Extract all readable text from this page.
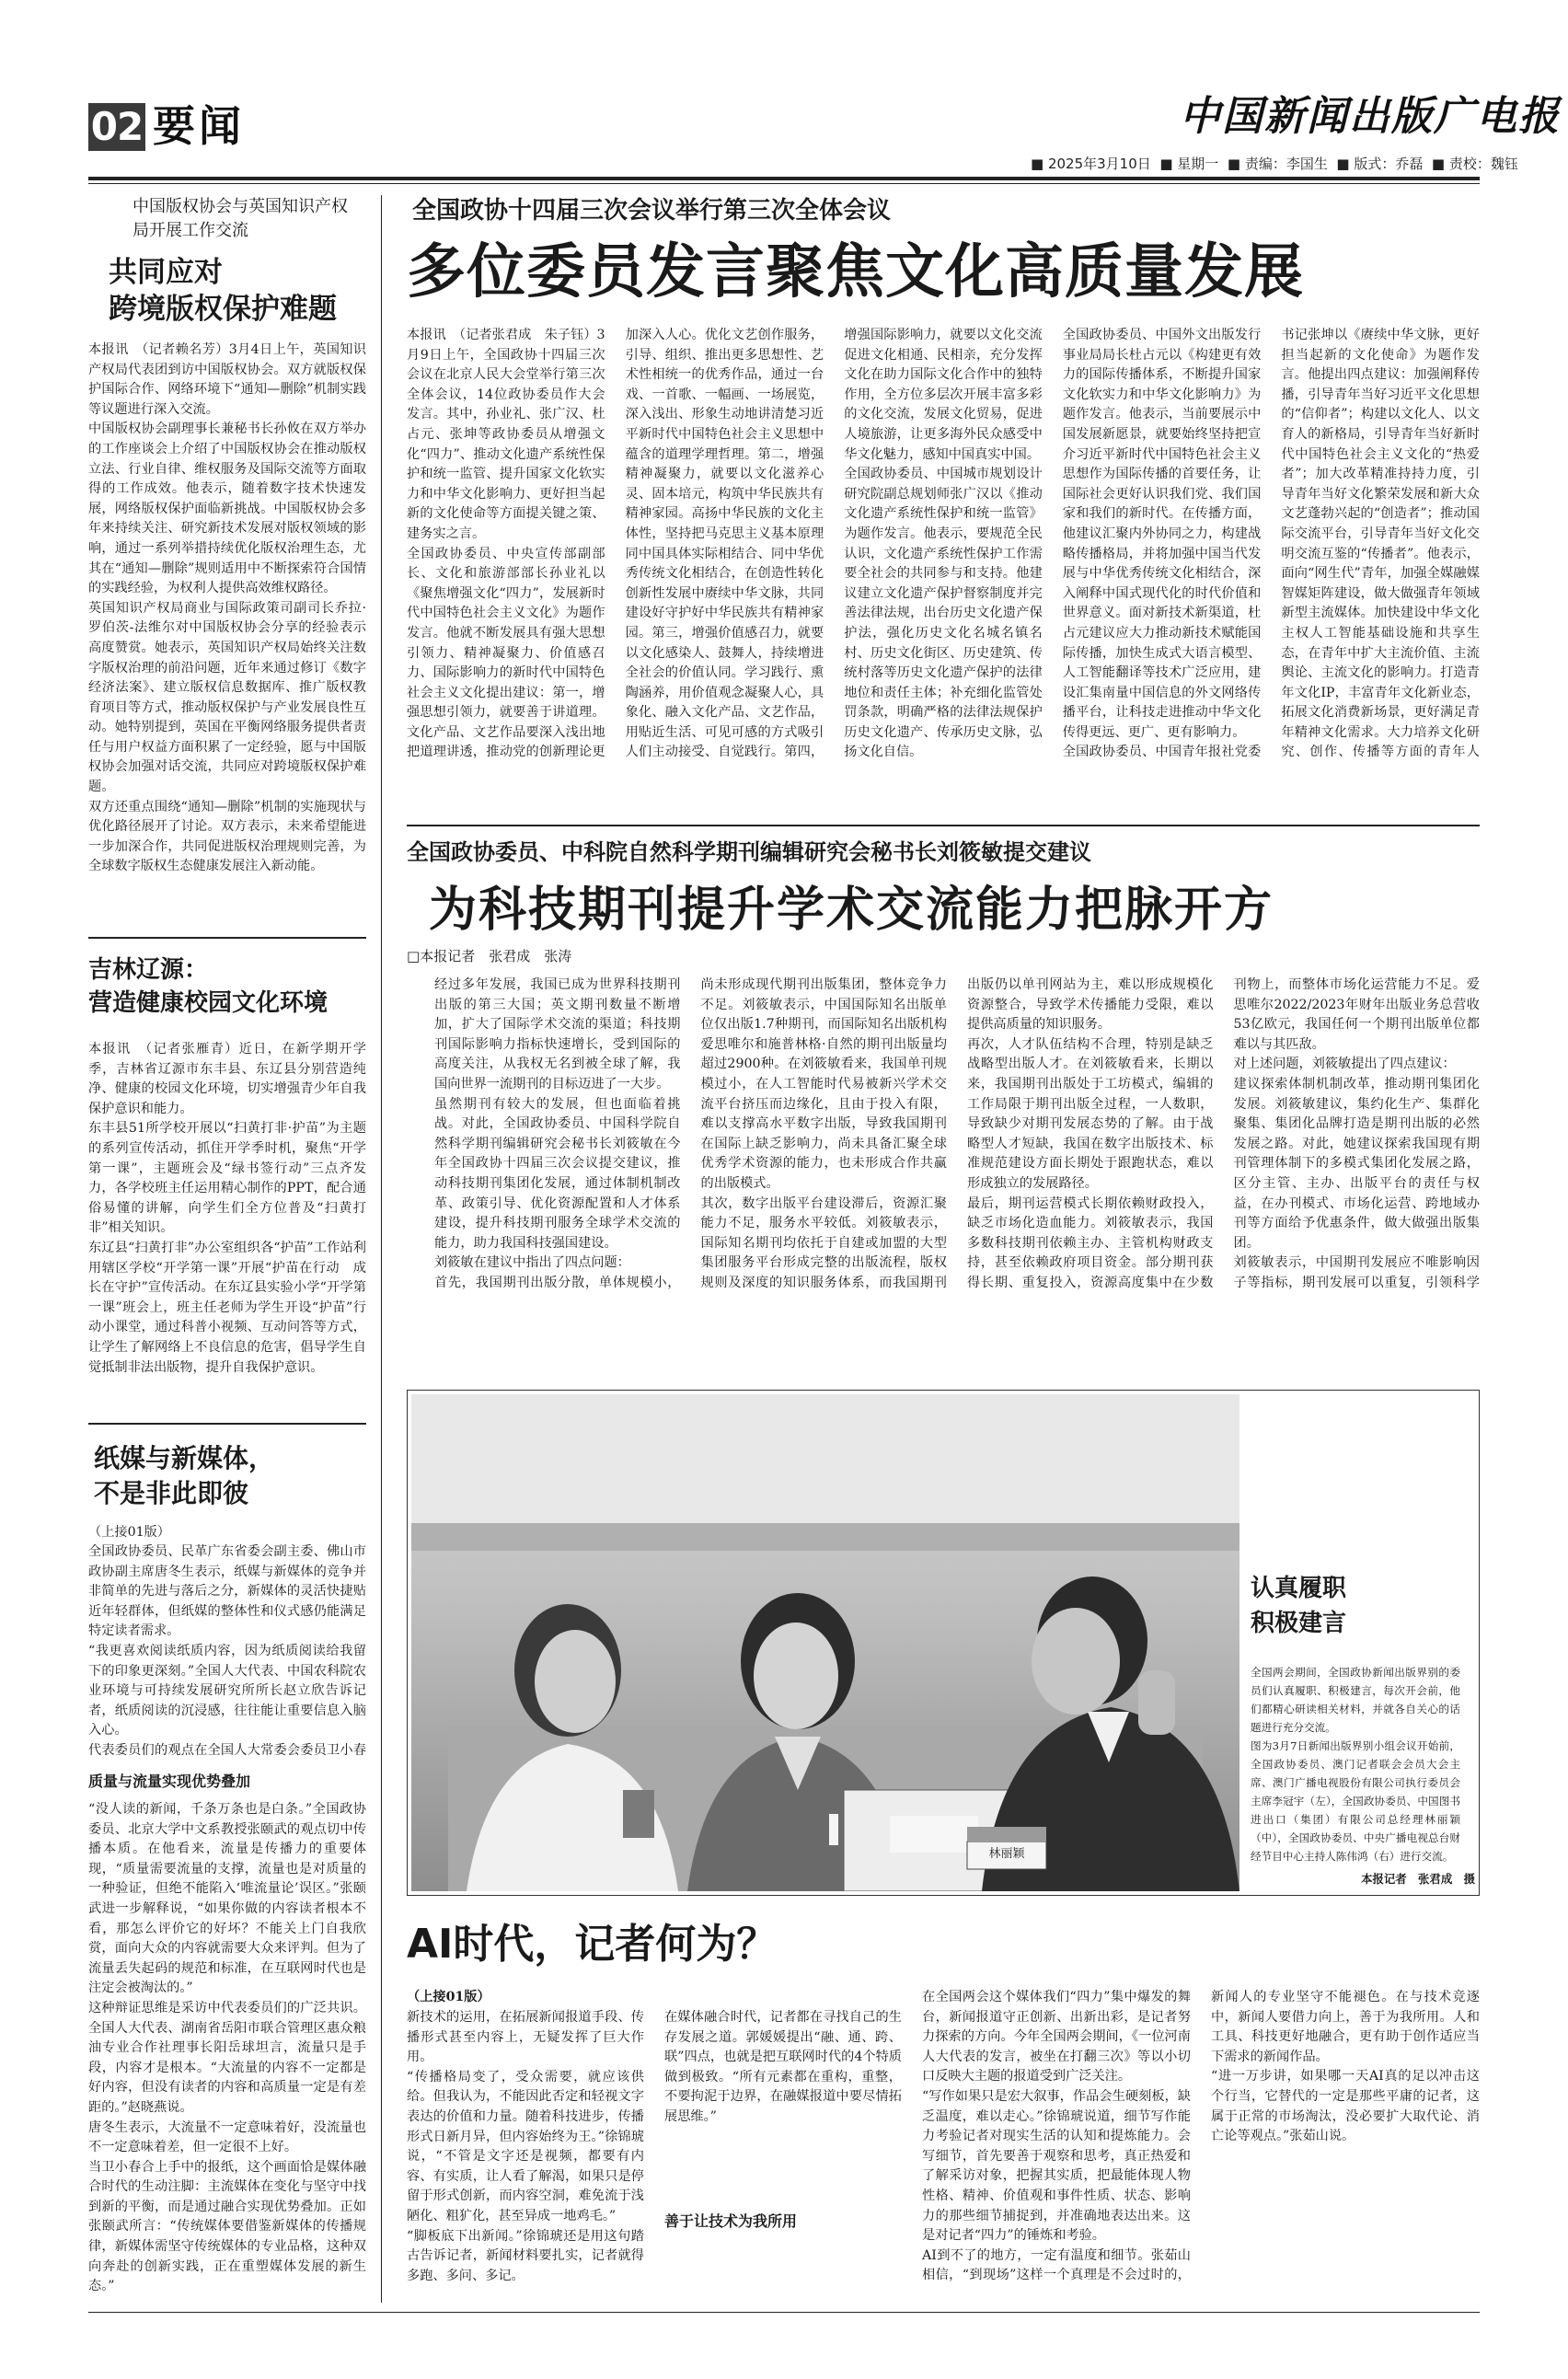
02 要闻	中国新闻出版广电报
■ 2025年3月10日 ■ 星期一 ■ 责编：李国生 ■ 版式：乔磊 ■ 责校：魏钰
中国版权协会与英国知识产权局开展工作交流
共同应对
跨境版权保护难题
本报讯　（记者赖名芳）3月4日上午，英国知识产权局代表团到访中国版权协会。双方就版权保护国际合作、网络环境下“通知—删除”机制实践等议题进行深入交流。
中国版权协会副理事长兼秘书长孙攸在双方举办的工作座谈会上介绍了中国版权协会在推动版权立法、行业自律、维权服务及国际交流等方面取得的工作成效。他表示，随着数字技术快速发展，网络版权保护面临新挑战。中国版权协会多年来持续关注、研究新技术发展对版权领域的影响，通过一系列举措持续优化版权治理生态，尤其在“通知—删除”规则适用中不断探索符合国情的实践经验，为权利人提供高效维权路径。
英国知识产权局商业与国际政策司副司长乔拉·罗伯茨-法维尔对中国版权协会分享的经验表示高度赞赏。她表示，英国知识产权局始终关注数字版权治理的前沿问题，近年来通过修订《数字经济法案》、建立版权信息数据库、推广版权教育项目等方式，推动版权保护与产业发展良性互动。她特别提到，英国在平衡网络服务提供者责任与用户权益方面积累了一定经验，愿与中国版权协会加强对话交流，共同应对跨境版权保护难题。
双方还重点围绕“通知—删除”机制的实施现状与优化路径展开了讨论。双方表示，未来希望能进一步加深合作，共同促进版权治理规则完善，为全球数字版权生态健康发展注入新动能。
吉林辽源：
营造健康校园文化环境
本报讯　（记者张雁青）近日，在新学期开学季，吉林省辽源市东丰县、东辽县分别营造纯净、健康的校园文化环境，切实增强青少年自我保护意识和能力。
东丰县51所学校开展以“扫黄打非·护苗”为主题的系列宣传活动，抓住开学季时机，聚焦“开学第一课”，主题班会及“绿书签行动”三点齐发力，各学校班主任运用精心制作的PPT，配合通俗易懂的讲解，向学生们全方位普及“扫黄打非”相关知识。
东辽县“扫黄打非”办公室组织各“护苗”工作站利用辖区学校“开学第一课”开展“护苗在行动　成长在守护”宣传活动。在东辽县实验小学“开学第一课”班会上，班主任老师为学生开设“护苗”行动小课堂，通过科普小视频、互动问答等方式，让学生了解网络上不良信息的危害，倡导学生自觉抵制非法出版物，提升自我保护意识。
纸媒与新媒体，
不是非此即彼
（上接01版）
全国政协委员、民革广东省委会副主委、佛山市政协副主席唐冬生表示，纸媒与新媒体的竞争并非简单的先进与落后之分，新媒体的灵活快捷贴近年轻群体，但纸媒的整体性和仪式感仍能满足特定读者需求。
“我更喜欢阅读纸质内容，因为纸质阅读给我留下的印象更深刻。”全国人大代表、中国农科院农业环境与可持续发展研究所所长赵立欣告诉记者，纸质阅读的沉浸感，往往能让重要信息入脑入心。
代表委员们的观点在全国人大常委会委员卫小春
质量与流量实现优势叠加
“没人读的新闻，千条万条也是白条。”全国政协委员、北京大学中文系教授张颐武的观点切中传播本质。在他看来，流量是传播力的重要体现，“质量需要流量的支撑，流量也是对质量的一种验证，但绝不能陷入‘唯流量论’误区。”张颐武进一步解释说，“如果你做的内容读者根本不看，那怎么评价它的好坏？不能关上门自我欣赏，面向大众的内容就需要大众来评判。但为了流量丢失起码的规范和标准，在互联网时代也是注定会被淘汰的。”
这种辩证思维是采访中代表委员们的广泛共识。全国人大代表、湖南省岳阳市联合管理区惠众粮油专业合作社理事长阳岳球坦言，流量只是手段，内容才是根本。“大流量的内容不一定都是好内容，但没有读者的内容和高质量一定是有差距的。”赵晓燕说。
唐冬生表示，大流量不一定意味着好，没流量也不一定意味着差，但一定很不上好。
当卫小春合上手中的报纸，这个画面恰是媒体融合时代的生动注脚：主流媒体在变化与坚守中找到新的平衡，而是通过融合实现优势叠加。正如张颐武所言：“传统媒体要借鉴新媒体的传播规律，新媒体需坚守传统媒体的专业品格，这种双向奔赴的创新实践，正在重塑媒体发展的新生态。”
全国政协十四届三次会议举行第三次全体会议
多位委员发言聚焦文化高质量发展
本报讯　（记者张君成　朱子钰）3月9日上午，全国政协十四届三次会议在北京人民大会堂举行第三次全体会议，14位政协委员作大会发言。其中，孙业礼、张广汉、杜占元、张坤等政协委员从增强文化“四力”、推动文化遗产系统性保护和统一监管、提升国家文化软实力和中华文化影响力、更好担当起新的文化使命等方面提关键之策、建务实之言。
全国政协委员、中央宣传部副部长、文化和旅游部部长孙业礼以《聚焦增强文化“四力”，发展新时代中国特色社会主义文化》为题作发言。他就不断发展具有强大思想引领力、精神凝聚力、价值感召力、国际影响力的新时代中国特色社会主义文化提出建议：第一，增强思想引领力，就要善于讲道理。文化产品、文艺作品要深入浅出地把道理讲透，推动党的创新理论更加深入人心。优化文艺创作服务，引导、组织、推出更多思想性、艺术性相统一的优秀作品，通过一台戏、一首歌、一幅画、一场展览，深入浅出、形象生动地讲清楚习近平新时代中国特色社会主义思想中蕴含的道理学理哲理。第二，增强精神凝聚力，就要以文化滋养心灵、固本培元，构筑中华民族共有精神家园。高扬中华民族的文化主体性，坚持把马克思主义基本原理同中国具体实际相结合、同中华优秀传统文化相结合，在创造性转化创新性发展中赓续中华文脉，共同建设好守护好中华民族共有精神家园。第三，增强价值感召力，就要以文化感染人、鼓舞人，持续增进全社会的价值认同。学习践行、熏陶涵养，用价值观念凝聚人心，具象化、融入文化产品、文艺作品，用贴近生活、可见可感的方式吸引人们主动接受、自觉践行。第四，增强国际影响力，就要以文化交流促进文化相通、民相亲，充分发挥文化在助力国际文化合作中的独特作用，全方位多层次开展丰富多彩的文化交流，发展文化贸易，促进人境旅游，让更多海外民众感受中华文化魅力，感知中国真实中国。
全国政协委员、中国城市规划设计研究院副总规划师张广汉以《推动文化遗产系统性保护和统一监管》为题作发言。他表示，要规范全民认识，文化遗产系统性保护工作需要全社会的共同参与和支持。他建议建立文化遗产保护督察制度并完善法律法规，出台历史文化遗产保护法，强化历史文化名城名镇名村、历史文化街区、历史建筑、传统村落等历史文化遗产保护的法律地位和责任主体；补充细化监管处罚条款，明确严格的法律法规保护历史文化遗产、传承历史文脉，弘扬文化自信。
全国政协委员、中国外文出版发行事业局局长杜占元以《构建更有效力的国际传播体系，不断提升国家文化软实力和中华文化影响力》为题作发言。他表示，当前要展示中国发展新愿景，就要始终坚持把宣介习近平新时代中国特色社会主义思想作为国际传播的首要任务，让国际社会更好认识我们党、我们国家和我们的新时代。在传播方面，他建议汇聚内外协同之力，构建战略传播格局，并将加强中国当代发展与中华优秀传统文化相结合，深入阐释中国式现代化的时代价值和世界意义。面对新技术新渠道，杜占元建议应大力推动新技术赋能国际传播，加快生成式大语言模型、人工智能翻译等技术广泛应用，建设汇集南量中国信息的外文网络传播平台，让科技走进推动中华文化传得更远、更广、更有影响力。
全国政协委员、中国青年报社党委书记张坤以《赓续中华文脉，更好担当起新的文化使命》为题作发言。他提出四点建议：加强阐释传播，引导青年当好习近平文化思想的“信仰者”；构建以文化人、以文育人的新格局，引导青年当好新时代中国特色社会主义文化的“热爱者”；加大改革精准持持力度，引导青年当好文化繁荣发展和新大众文艺蓬勃兴起的“创造者”；推动国际交流平台，引导青年当好文化交明交流互鉴的“传播者”。他表示，面向“网生代”青年，加强全媒融媒智媒矩阵建设，做大做强青年领域新型主流媒体。加快建设中华文化主权人工智能基础设施和共享生态，在青年中扩大主流价值、主流舆论、主流文化的影响力。打造青年文化IP，丰富青年文化新业态，拓展文化消费新场景，更好满足青年精神文化需求。大力培养文化研究、创作、传播等方面的青年人
全国政协委员、中科院自然科学期刊编辑研究会秘书长刘筱敏提交建议
为科技期刊提升学术交流能力把脉开方
□本报记者　张君成　张涛
经过多年发展，我国已成为世界科技期刊出版的第三大国；英文期刊数量不断增加，扩大了国际学术交流的渠道；科技期刊国际影响力指标快速增长，受到国际的高度关注，从我权无名到被全球了解，我国向世界一流期刊的目标迈进了一大步。
虽然期刊有较大的发展，但也面临着挑战。对此，全国政协委员、中国科学院自然科学期刊编辑研究会秘书长刘筱敏在今年全国政协十四届三次会议提交建议，推动科技期刊集团化发展，通过体制机制改革、政策引导、优化资源配置和人才体系建设，提升科技期刊服务全球学术交流的能力，助力我国科技强国建设。
刘筱敏在建议中指出了四点问题：
首先，我国期刊出版分散，单体规模小，尚未形成现代期刊出版集团，整体竞争力不足。刘筱敏表示，中国国际知名出版单位仅出版1.7种期刊，而国际知名出版机构爱思唯尔和施普林格·自然的期刊出版量均超过2900种。在刘筱敏看来，我国单刊规模过小，在人工智能时代易被新兴学术交流平台挤压而边缘化，且由于投入有限，难以支撑高水平数字出版，导致我国期刊在国际上缺乏影响力，尚未具备汇聚全球优秀学术资源的能力，也未形成合作共赢的出版模式。
其次，数字出版平台建设滞后，资源汇聚能力不足，服务水平较低。刘筱敏表示，国际知名期刊均依托于自建或加盟的大型集团服务平台形成完整的出版流程，版权规则及深度的知识服务体系，而我国期刊出版仍以单刊网站为主，难以形成规模化资源整合，导致学术传播能力受限，难以提供高质量的知识服务。
再次，人才队伍结构不合理，特别是缺乏战略型出版人才。在刘筱敏看来，长期以来，我国期刊出版处于工坊模式，编辑的工作局限于期刊出版全过程，一人数职，导致缺少对期刊发展态势的了解。由于战略型人才短缺，我国在数字出版技术、标准规范建设方面长期处于跟跑状态，难以形成独立的发展路径。
最后，期刊运营模式长期依赖财政投入，缺乏市场化造血能力。刘筱敏表示，我国多数科技期刊依赖主办、主管机构财政支持，甚至依赖政府项目资金。部分期刊获得长期、重复投入，资源高度集中在少数刊物上，而整体市场化运营能力不足。爱思唯尔2022/2023年财年出版业务总营收53亿欧元，我国任何一个期刊出版单位都难以与其匹敌。
对上述问题，刘筱敏提出了四点建议：
建议探索体制机制改革，推动期刊集团化发展。刘筱敏建议，集约化生产、集群化聚集、集团化品牌打造是期刊出版的必然发展之路。对此，她建议探索我国现有期刊管理体制下的多模式集团化发展之路，区分主管、主办、出版平台的责任与权益，在办刊模式、市场化运营、跨地域办刊等方面给予优惠条件，做大做强出版集团。
刘筱敏表示，中国期刊发展应不唯影响因子等指标，期刊发展可以重复，引领科学

林丽颖
认真履职
积极建言
全国两会期间，全国政协新闻出版界别的委员们认真履职、积极建言，每次开会前，他们都精心研读相关材料，并就各自关心的话题进行充分交流。
图为3月7日新闻出版界别小组会议开始前，全国政协委员、澳门记者联会会员大会主席、澳门广播电视股份有限公司执行委员会主席李冠宇（左），全国政协委员、中国图书进出口（集团）有限公司总经理林丽颖（中），全国政协委员、中央广播电视总台财经节目中心主持人陈伟鸿（右）进行交流。
本报记者　张君成　摄
AI时代，记者何为？
（上接01版）
新技术的运用，在拓展新闻报道手段、传播形式甚至内容上，无疑发挥了巨大作用。
“传播格局变了，受众需要，就应该供给。但我认为，不能因此否定和轻视文字表达的价值和力量。随着科技进步，传播形式日新月异，但内容始终为王。”徐锦琥说，“不管是文字还是视频，都要有内容、有实质，让人看了解渴，如果只是停留于形式创新，而内容空洞，难免流于浅陋化、粗犷化，甚至异成一地鸡毛。”
“脚板底下出新闻。”徐锦琥还是用这句踏古告诉记者，新闻材料要扎实，记者就得多跑、多问、多记。
在媒体融合时代，记者都在寻找自己的生存发展之道。郭媛媛提出“融、通、跨、联”四点，也就是把互联网时代的4个特质做到极致。“所有元素都在重构，重整，不要拘泥于边界，在融媒报道中要尽情拓展思维。”
善于让技术为我所用
在全国两会这个媒体我们“四力”集中爆发的舞台，新闻报道守正创新、出新出彩，是记者努力探索的方向。今年全国两会期间，《一位河南人大代表的发言，被坐在打翻三次》等以小切口反映大主题的报道受到广泛关注。
“写作如果只是宏大叙事，作品会生硬刻板，缺乏温度，难以走心。”徐锦琥说道，细节写作能力考验记者对现实生活的认知和提炼能力。会写细节，首先要善于观察和思考，真正热爱和了解采访对象，把握其实质，把最能体现人物性格、精神、价值观和事件性质、状态、影响力的那些细节捕捉到，并准确地表达出来。这是对记者“四力”的锤炼和考验。
AI到不了的地方，一定有温度和细节。张茹山相信，“到现场”这样一个真理是不会过时的，新闻人的专业坚守不能褪色。在与技术竞逐中，新闻人要借力向上，善于为我所用。人和工具、科技更好地融合，更有助于创作适应当下需求的新闻作品。
“进一万步讲，如果哪一天AI真的足以冲击这个行当，它替代的一定是那些平庸的记者，这属于正常的市场淘汰，没必要扩大取代论、消亡论等观点。”张茹山说。
